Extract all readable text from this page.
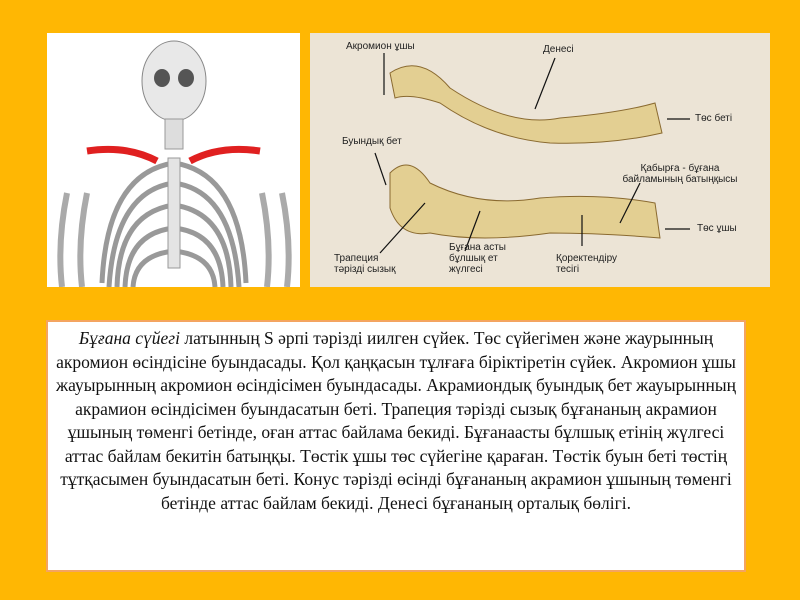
Акромион ұшы	Денесі
Төс беті
Буындық бет
Қабырға - бұғана байламының батыңқысы
Төс ұшы
Трапеция тәрізді сызық
Бұғана асты бұлшық ет жүлгесі
Қоректендіру тесігі
Бұғана сүйегі латынның S әрпі тәрізді иилген сүйек. Төс сүйегімен және жаурынның акромион өсіндісіне буындасады. Қол қаңқасын тұлғаға біріктіретін сүйек. Акромион ұшы жауырынның акромион өсіндісімен буындасады. Акрамиондық буындық бет жауырынның акрамион өсіндісімен буындасатын беті. Трапеция тәрізді сызық бұғананың акрамион ұшының төменгі бетінде, оған аттас байлама бекиді. Бұғанаасты бұлшық етінің жүлгесі аттас байлам бекитін батыңқы. Төстік ұшы төс сүйегіне қараған. Төстік буын беті төстің тұтқасымен буындасатын беті. Конус тәрізді өсінді бұғананың акрамион ұшының төменгі бетінде аттас байлам бекиді. Денесі бұғананың орталық бөлігі.
